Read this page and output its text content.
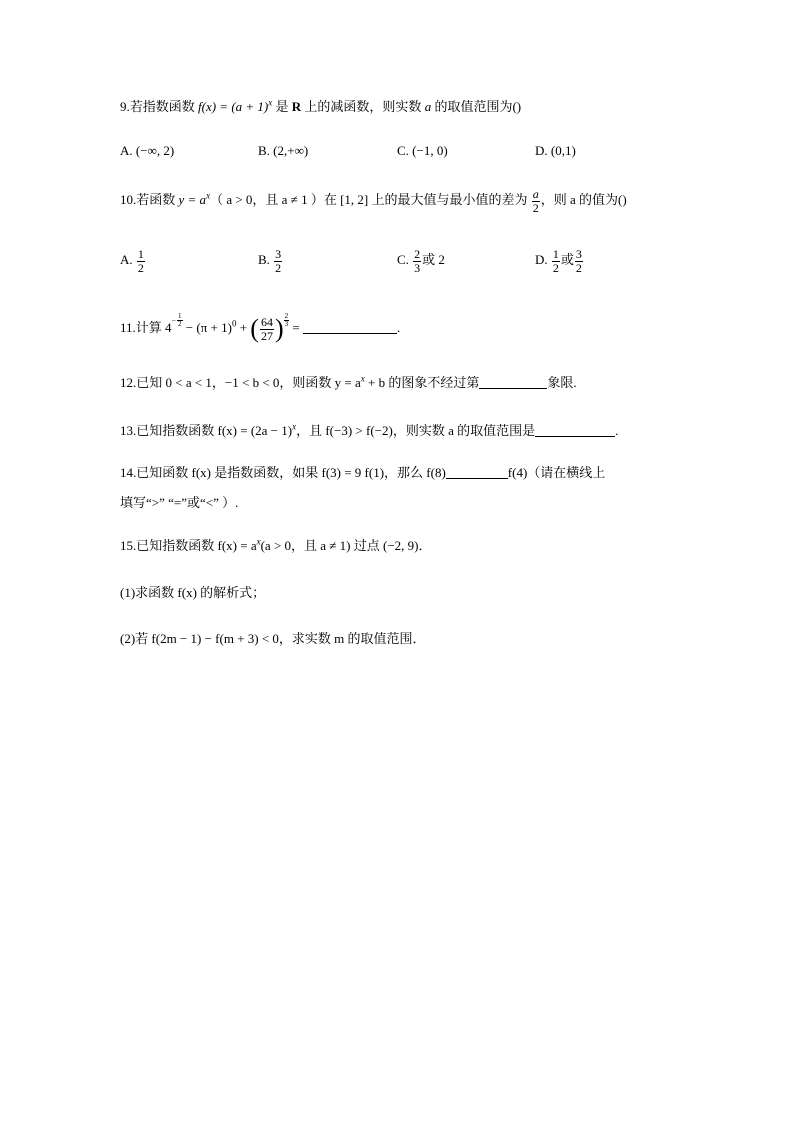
9.若指数函数 $f(x) = (a + 1)^x$ 是 R 上的减函数，则实数 a 的取值范围为()
A. (−∞, 2)	B. (2,+∞)	C. (−1, 0)	D. (0,1)
10.若函数 $y = a^x$（ a > 0，且 a ≠ 1 ）在 [1, 2] 上的最大值与最小值的差为 $\frac{a}{2}$ ，则 a 的值为()
A. $\frac{1}{2}$	B. $\frac{3}{2}$	C. $\frac{2}{3}$ 或 2	D. $\frac{1}{2}$ 或 $\frac{3}{2}$
11.计算 $4 - \frac{1}{2} - (\pi + 1)^0$ + ( $\frac{64}{27}$ ) $\frac{2}{3}$ =	.
12.已知 0 < a < 1，−1 < b < 0，则函数 $y = a^x + b$ 的图象不经过第	象限.
13.已知指数函数 $f(x) = (2a - 1)^x$，且 f(−3) > f(−2)，则实数 a 的取值范围是	.
14.已知函数 f(x) 是指数函数，如果 f(3) = 9 f(1)，那么 f(8)	f(4)（请在横线上
填写“>” “=”或“<” ）.
15.已知指数函数 $f(x) = a^x(a > 0$，且 a ≠ 1) 过点 (−2, 9)．
(1)求函数 f(x) 的解析式；
(2)若 f(2m − 1) − f(m + 3) < 0，求实数 m 的取值范围．
